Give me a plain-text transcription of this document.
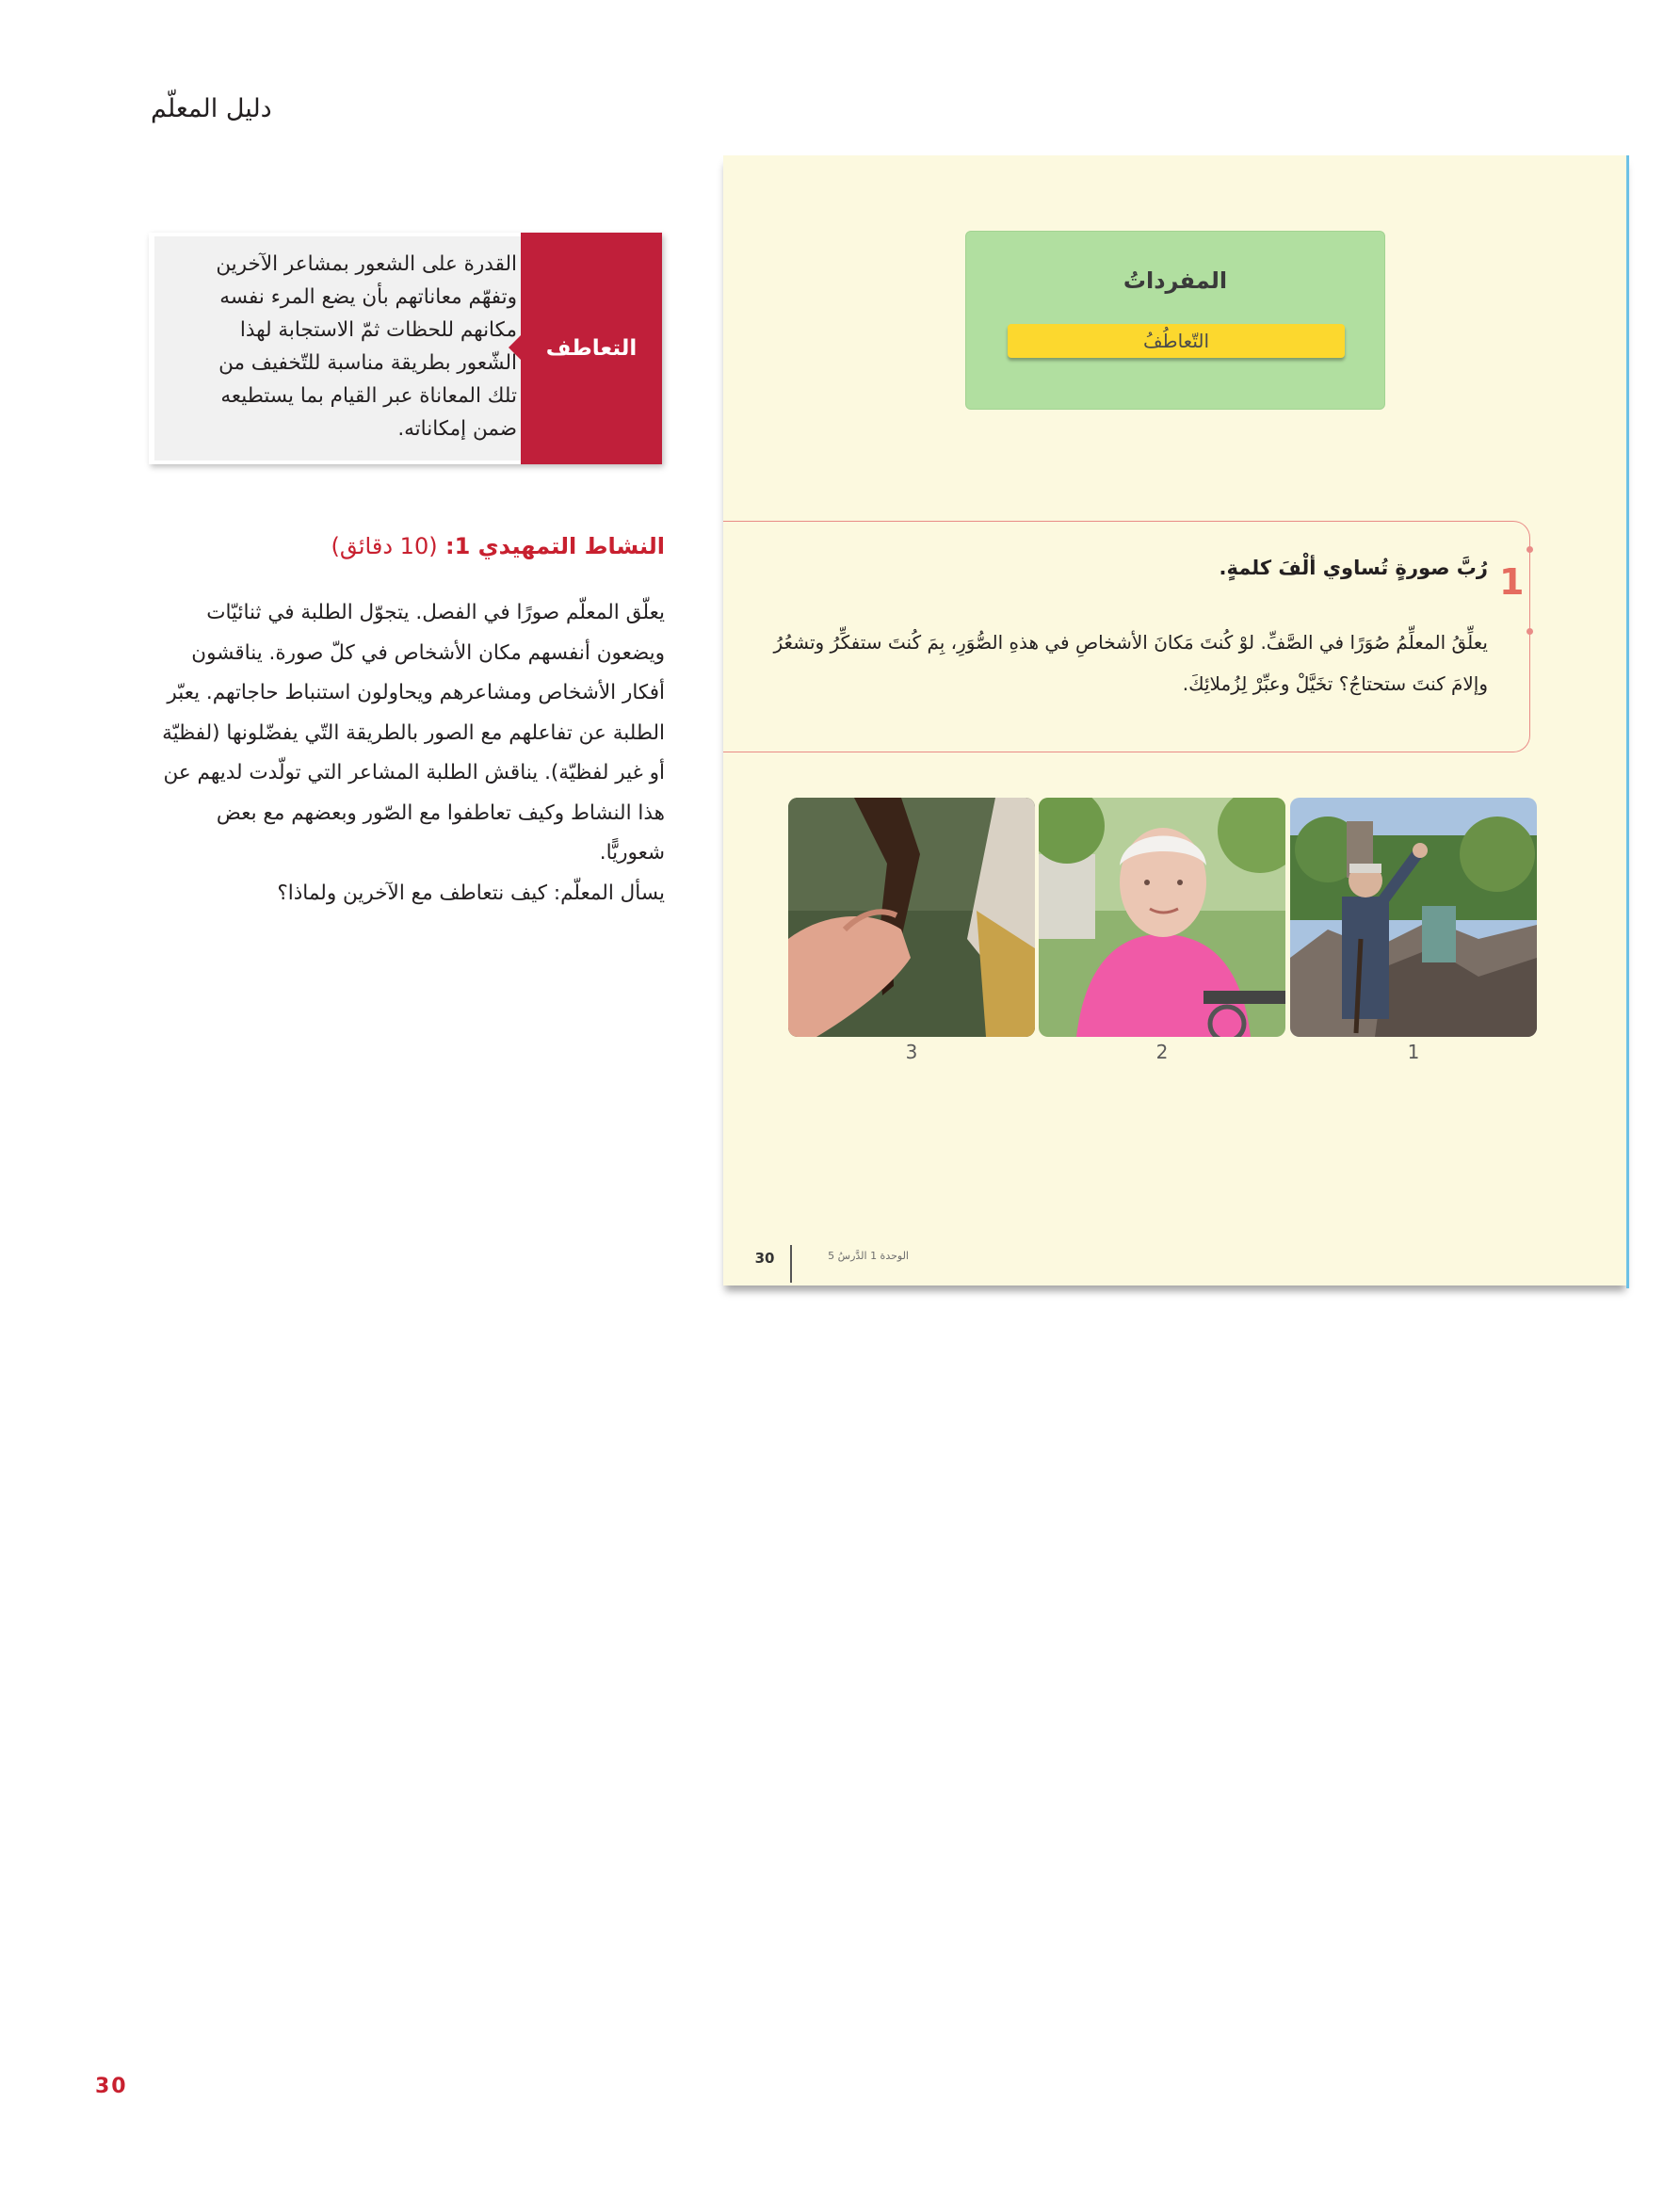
دليل المعلّم
القدرة على الشعور بمشاعر الآخرين وتفهّم معاناتهم بأن يضع المرء نفسه مكانهم للحظات ثمّ الاستجابة لهذا الشّعور بطريقة مناسبة للتّخفيف من تلك المعاناة عبر القيام بما يستطيعه ضمن إمكاناته.
التعاطف
النشاط التمهيدي 1: (10 دقائق)

يعلّق المعلّم صورًا في الفصل. يتجوّل الطلبة في ثنائيّات ويضعون أنفسهم مكان الأشخاص في كلّ صورة. يناقشون أفكار الأشخاص ومشاعرهم ويحاولون استنباط حاجاتهم. يعبّر الطلبة عن تفاعلهم مع الصور بالطريقة التّي يفضّلونها (لفظيّة أو غير لفظيّة). يناقش الطلبة المشاعر التي تولّدت لديهم عن هذا النشاط وكيف تعاطفوا مع الصّور وبعضهم مع بعض شعوريًّا.

يسأل المعلّم: كيف نتعاطف مع الآخرين ولماذا؟

المفرداتُ
التّعاطُفُ
1
رُبَّ صورةٍ تُساوي ألْفَ كلمةٍ.
يعلِّقُ المعلِّمُ صُوَرًا في الصَّفِّ. لوْ كُنتَ مَكانَ الأشخاصِ في هذهِ الصُّوَرِ، بِمَ كُنتَ ستفكِّرُ وتشعُرُ وإلامَ كنتَ ستحتاجُ؟ تخَيَّلْ وعبِّرْ لِزُملائِكَ.
1
2
3
الوحدة 1 الدَّرسُ 5
30
30
